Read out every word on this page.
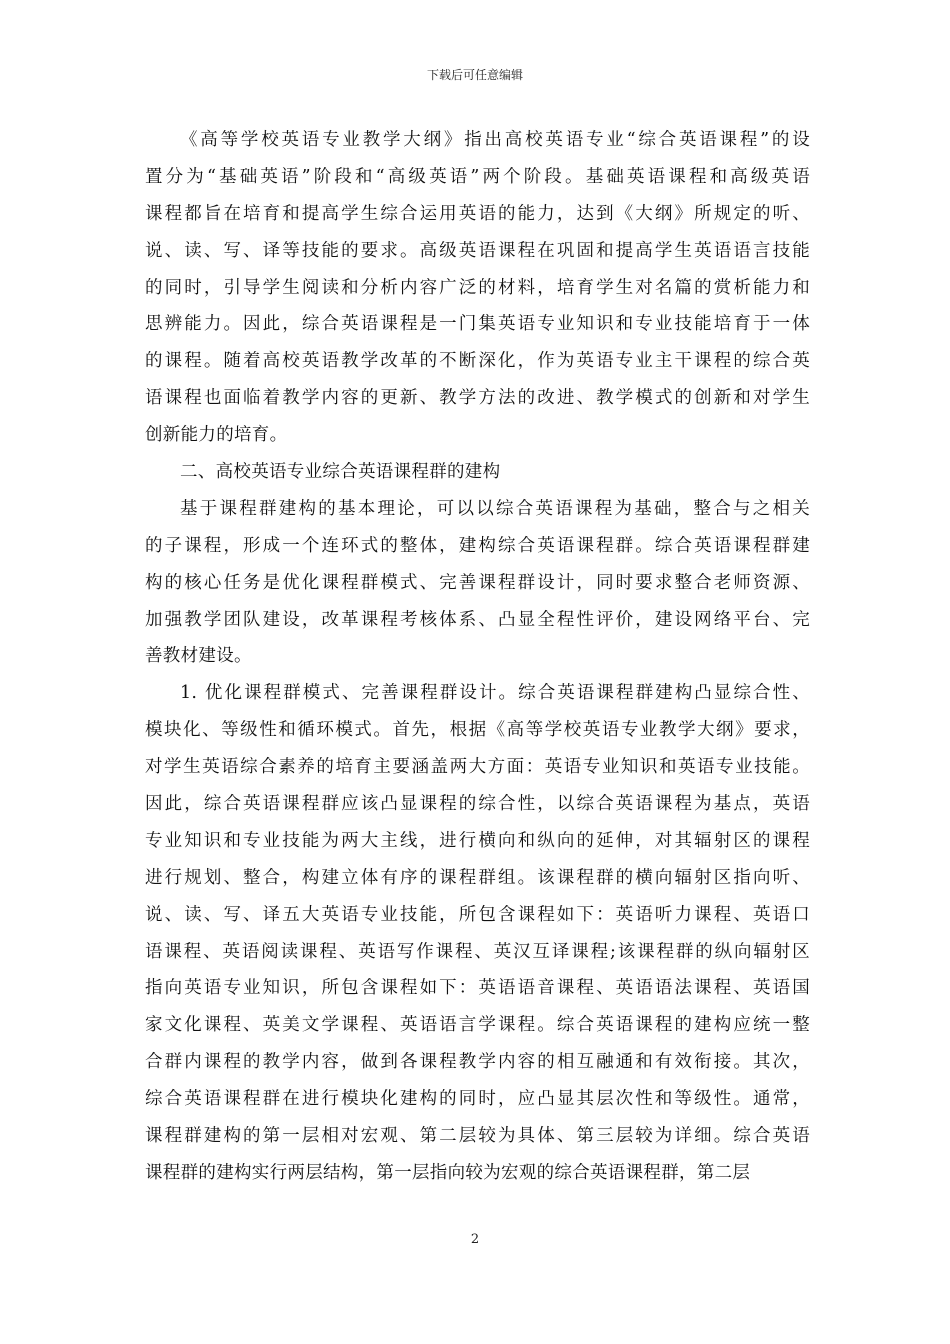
下载后可任意编辑
《高等学校英语专业教学大纲》指出高校英语专业“综合英语课程”的设
置分为“基础英语”阶段和“高级英语”两个阶段。基础英语课程和高级英语
课程都旨在培育和提高学生综合运用英语的能力，达到《大纲》所规定的听、
说、读、写、译等技能的要求。高级英语课程在巩固和提高学生英语语言技能
的同时，引导学生阅读和分析内容广泛的材料，培育学生对名篇的赏析能力和
思辨能力。因此，综合英语课程是一门集英语专业知识和专业技能培育于一体
的课程。随着高校英语教学改革的不断深化，作为英语专业主干课程的综合英
语课程也面临着教学内容的更新、教学方法的改进、教学模式的创新和对学生
创新能力的培育。
二、高校英语专业综合英语课程群的建构
基于课程群建构的基本理论，可以以综合英语课程为基础，整合与之相关
的子课程，形成一个连环式的整体，建构综合英语课程群。综合英语课程群建
构的核心任务是优化课程群模式、完善课程群设计，同时要求整合老师资源、
加强教学团队建设，改革课程考核体系、凸显全程性评价，建设网络平台、完
善教材建设。
1. 优化课程群模式、完善课程群设计。综合英语课程群建构凸显综合性、
模块化、等级性和循环模式。首先，根据《高等学校英语专业教学大纲》要求，
对学生英语综合素养的培育主要涵盖两大方面：英语专业知识和英语专业技能。
因此，综合英语课程群应该凸显课程的综合性，以综合英语课程为基点，英语
专业知识和专业技能为两大主线，进行横向和纵向的延伸，对其辐射区的课程
进行规划、整合，构建立体有序的课程群组。该课程群的横向辐射区指向听、
说、读、写、译五大英语专业技能，所包含课程如下：英语听力课程、英语口
语课程、英语阅读课程、英语写作课程、英汉互译课程;该课程群的纵向辐射区
指向英语专业知识，所包含课程如下：英语语音课程、英语语法课程、英语国
家文化课程、英美文学课程、英语语言学课程。综合英语课程的建构应统一整
合群内课程的教学内容，做到各课程教学内容的相互融通和有效衔接。其次，
综合英语课程群在进行模块化建构的同时，应凸显其层次性和等级性。通常，
课程群建构的第一层相对宏观、第二层较为具体、第三层较为详细。综合英语
课程群的建构实行两层结构，第一层指向较为宏观的综合英语课程群，第二层
2
